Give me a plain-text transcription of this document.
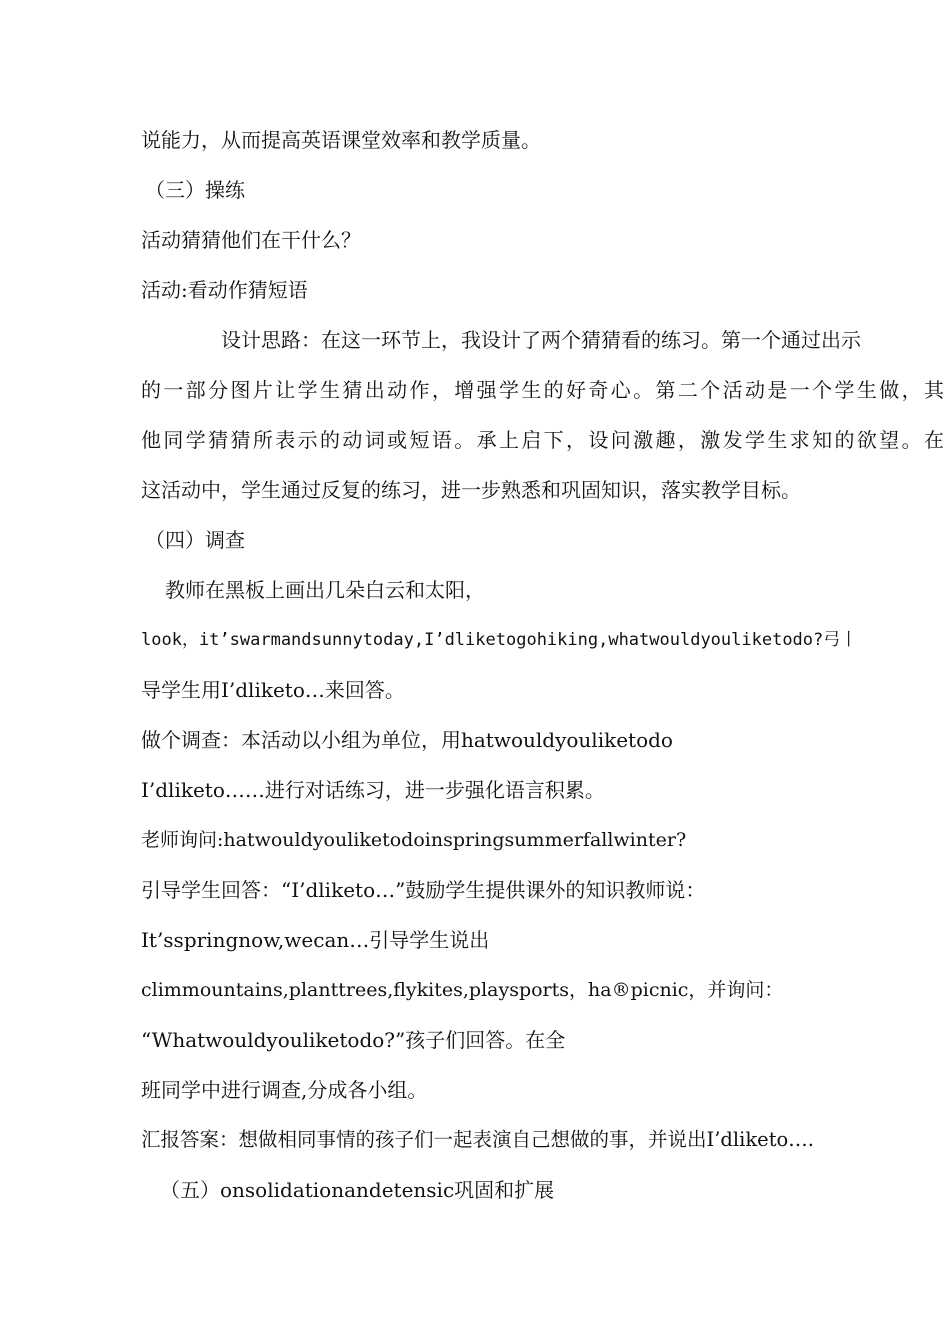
说能力，从而提高英语课堂效率和教学质量。
（三）操练
活动猜猜他们在干什么？
活动:看动作猜短语
设计思路：在这一环节上，我设计了两个猜猜看的练习。第一个通过出示
的一部分图片让学生猜出动作，增强学生的好奇心。第二个活动是一个学生做，其
他同学猜猜所表示的动词或短语。承上启下，设问激趣，激发学生求知的欲望。在
这活动中，学生通过反复的练习，进一步熟悉和巩固知识，落实教学目标。
（四）调查
教师在黑板上画出几朵白云和太阳，
look，it’swarmandsunnytoday,I’dliketogohiking,whatwouldyouliketodo?弓丨
导学生用I’dliketo…来回答。
做个调查：本活动以小组为单位，用hatwouldyouliketodo
I’dliketo……进行对话练习，进一步强化语言积累。
老师询问:hatwouldyouliketodoinspringsummerfallwinter?
引导学生回答：“I’dliketo…”鼓励学生提供课外的知识教师说：
It’sspringnow,wecan…引导学生说出
climmountains,planttrees,flykites,playsports，ha®picnic，并询问：
“Whatwouldyouliketodo?”孩子们回答。在全
班同学中进行调查,分成各小组。
汇报答案：想做相同事情的孩子们一起表演自己想做的事，并说出I’dliketo….
（五）onsolidationandetensic巩固和扩展
